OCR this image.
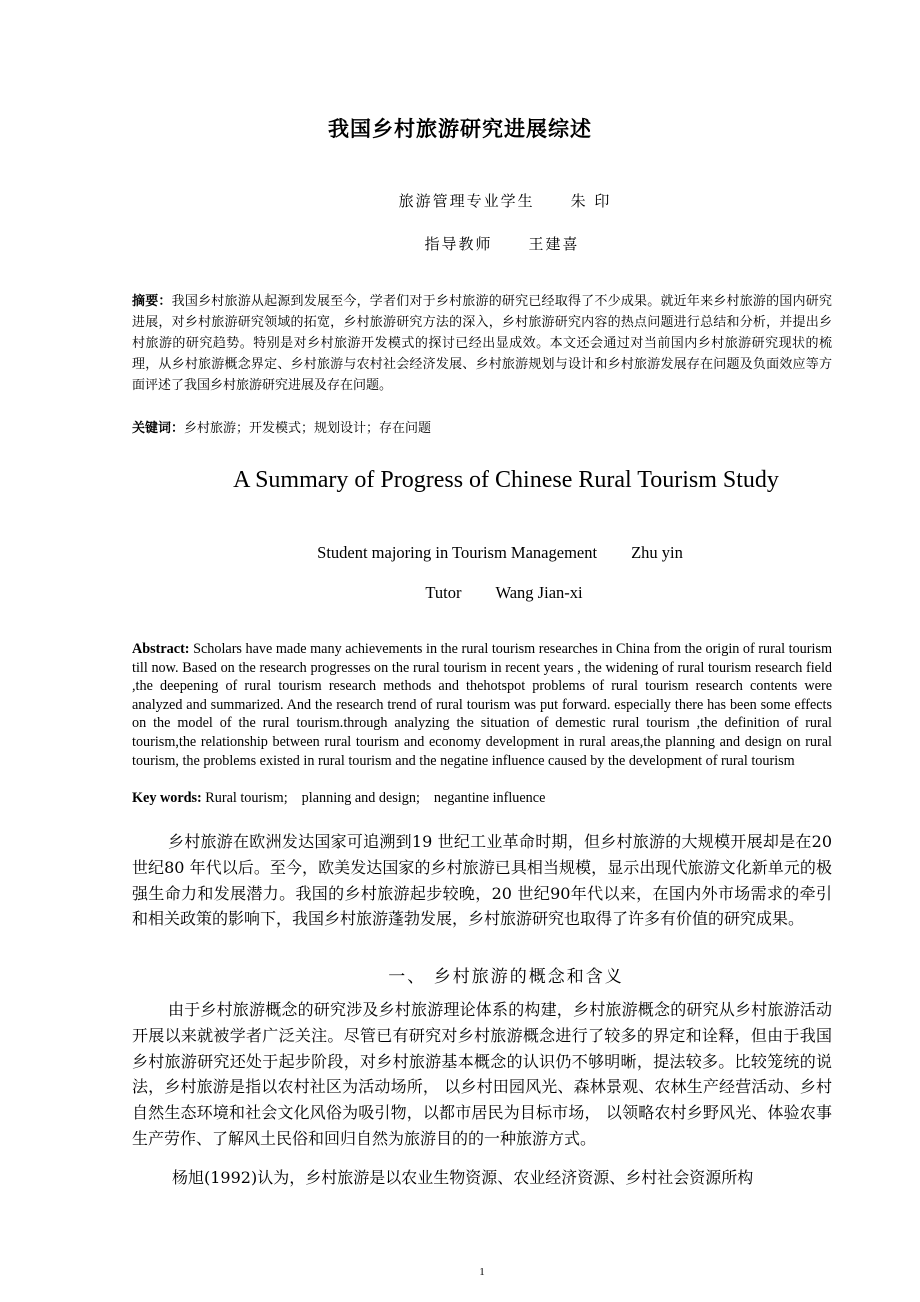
我国乡村旅游研究进展综述
旅游管理专业学生 朱 印
指导教师 王建喜
摘要：我国乡村旅游从起源到发展至今，学者们对于乡村旅游的研究已经取得了不少成果。就近年来乡村旅游的国内研究进展，对乡村旅游研究领域的拓宽，乡村旅游研究方法的深入，乡村旅游研究内容的热点问题进行总结和分析，并提出乡村旅游的研究趋势。特别是对乡村旅游开发模式的探讨已经出显成效。本文还会通过对当前国内乡村旅游研究现状的梳理，从乡村旅游概念界定、乡村旅游与农村社会经济发展、乡村旅游规划与设计和乡村旅游发展存在问题及负面效应等方面评述了我国乡村旅游研究进展及存在问题。
关键词：乡村旅游；开发模式；规划设计；存在问题
A Summary of Progress of Chinese Rural Tourism Study
Student majoring in Tourism Management Zhu yin
Tutor Wang Jian-xi
Abstract: Scholars have made many achievements in the rural tourism researches in China from the origin of rural tourism till now. Based on the research progresses on the rural tourism in recent years , the widening of rural tourism research field ,the deepening of rural tourism research methods and thehotspot problems of rural tourism research contents were analyzed and summarized. And the research trend of rural tourism was put forward. especially there has been some effects on the model of the rural tourism.through analyzing the situation of demestic rural tourism ,the definition of rural tourism,the relationship between rural tourism and economy development in rural areas,the planning and design on rural tourism, the problems existed in rural tourism and the negatine influence caused by the development of rural tourism
Key words: Rural tourism; planning and design; negantine influence
乡村旅游在欧洲发达国家可追溯到19 世纪工业革命时期，但乡村旅游的大规模开展却是在20世纪80 年代以后。至今，欧美发达国家的乡村旅游已具相当规模，显示出现代旅游文化新单元的极强生命力和发展潜力。我国的乡村旅游起步较晚，20 世纪90年代以来，在国内外市场需求的牵引和相关政策的影响下，我国乡村旅游蓬勃发展，乡村旅游研究也取得了许多有价值的研究成果。
一、 乡村旅游的概念和含义
由于乡村旅游概念的研究涉及乡村旅游理论体系的构建，乡村旅游概念的研究从乡村旅游活动开展以来就被学者广泛关注。尽管已有研究对乡村旅游概念进行了较多的界定和诠释，但由于我国乡村旅游研究还处于起步阶段，对乡村旅游基本概念的认识仍不够明晰，提法较多。比较笼统的说法，乡村旅游是指以农村社区为活动场所， 以乡村田园风光、森林景观、农林生产经营活动、乡村自然生态环境和社会文化风俗为吸引物，以都市居民为目标市场， 以领略农村乡野风光、体验农事生产劳作、了解风土民俗和回归自然为旅游目的的一种旅游方式。
杨旭(1992)认为，乡村旅游是以农业生物资源、农业经济资源、乡村社会资源所构
1
